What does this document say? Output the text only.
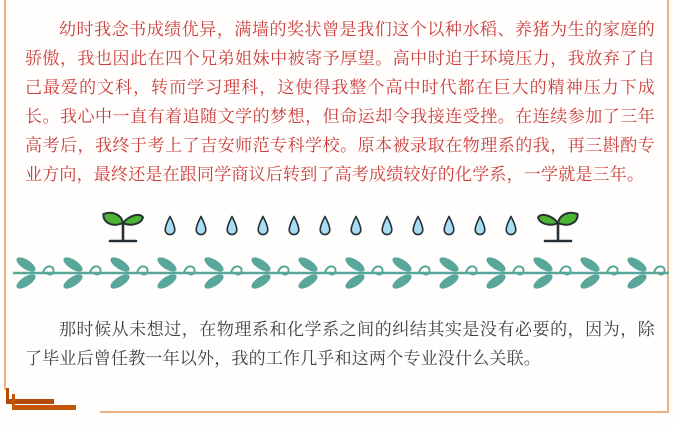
幼时我念书成绩优异，满墙的奖状曾是我们这个以种水稻、养猪为生的家庭的骄傲，我也因此在四个兄弟姐妹中被寄予厚望。高中时迫于环境压力，我放弃了自己最爱的文科，转而学习理科，这使得我整个高中时代都在巨大的精神压力下成长。我心中一直有着追随文学的梦想，但命运却令我接连受挫。在连续参加了三年高考后，我终于考上了吉安师范专科学校。原本被录取在物理系的我，再三斟酌专业方向，最终还是在跟同学商议后转到了高考成绩较好的化学系，一学就是三年。

那时候从未想过，在物理系和化学系之间的纠结其实是没有必要的，因为，除了毕业后曾任教一年以外，我的工作几乎和这两个专业没什么关联。
